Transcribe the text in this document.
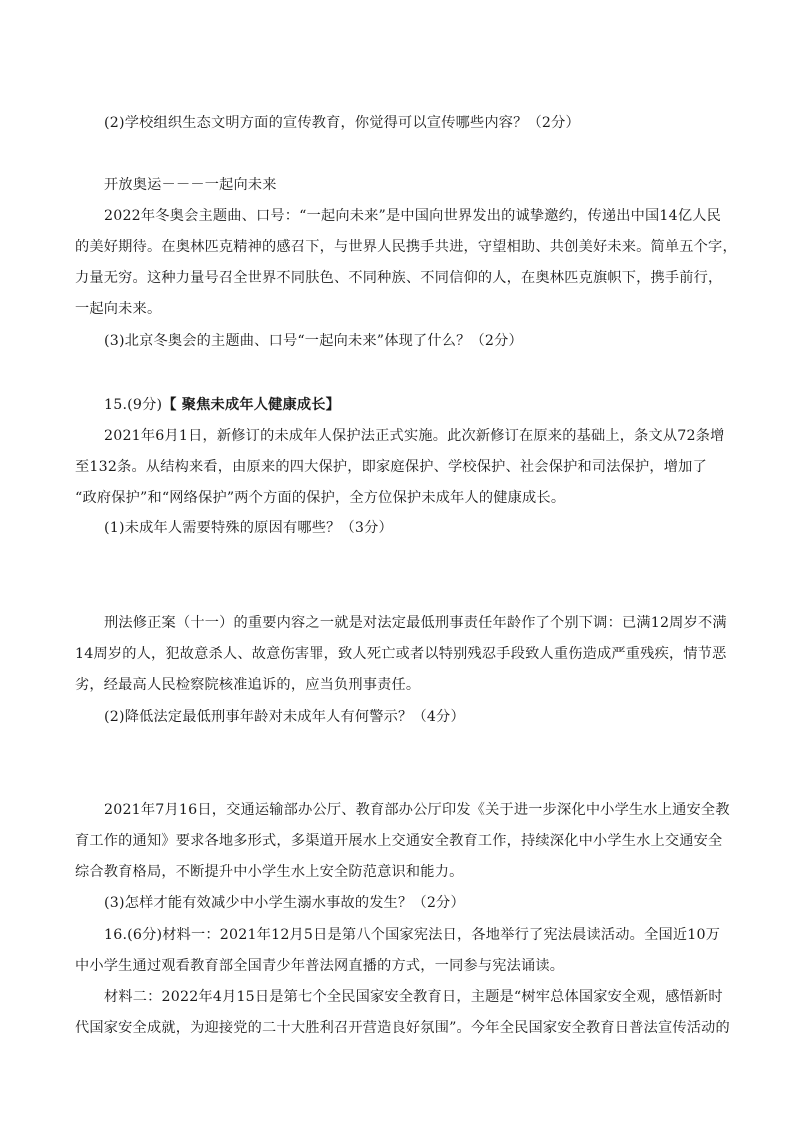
(2)学校组织生态文明方面的宣传教育，你觉得可以宣传哪些内容？（2分）
开放奥运－－－一起向未来
2022年冬奥会主题曲、口号：“一起向未来”是中国向世界发出的诚挚邀约，传递出中国14亿人民
的美好期待。在奥林匹克精神的感召下，与世界人民携手共进，守望相助、共创美好未来。简单五个字，
力量无穷。这种力量号召全世界不同肤色、不同种族、不同信仰的人，在奥林匹克旗帜下，携手前行，
一起向未来。
(3)北京冬奥会的主题曲、口号“一起向未来”体现了什么？（2分）
15.(9分)【 聚焦未成年人健康成长】
2021年6月1日，新修订的未成年人保护法正式实施。此次新修订在原来的基础上，条文从72条增
至132条。从结构来看，由原来的四大保护，即家庭保护、学校保护、社会保护和司法保护，增加了
“政府保护”和“网络保护”两个方面的保护，全方位保护未成年人的健康成长。
(1)未成年人需要特殊的原因有哪些？（3分）
刑法修正案（十一）的重要内容之一就是对法定最低刑事责任年龄作了个别下调：已满12周岁不满
14周岁的人，犯故意杀人、故意伤害罪，致人死亡或者以特别残忍手段致人重伤造成严重残疾，情节恶
劣，经最高人民检察院核准追诉的，应当负刑事责任。
(2)降低法定最低刑事年龄对未成年人有何警示？（4分）
2021年7月16日，交通运输部办公厅、教育部办公厅印发《关于进一步深化中小学生水上通安全教
育工作的通知》要求各地多形式，多渠道开展水上交通安全教育工作，持续深化中小学生水上交通安全
综合教育格局，不断提升中小学生水上安全防范意识和能力。
(3)怎样才能有效减少中小学生溺水事故的发生？（2分）
16.(6分)材料一：2021年12月5日是第八个国家宪法日，各地举行了宪法晨读活动。全国近10万
中小学生通过观看教育部全国青少年普法网直播的方式，一同参与宪法诵读。
材料二：2022年4月15日是第七个全民国家安全教育日，主题是“树牢总体国家安全观，感悟新时
代国家安全成就，为迎接党的二十大胜利召开营造良好氛围”。今年全民国家安全教育日普法宣传活动的
